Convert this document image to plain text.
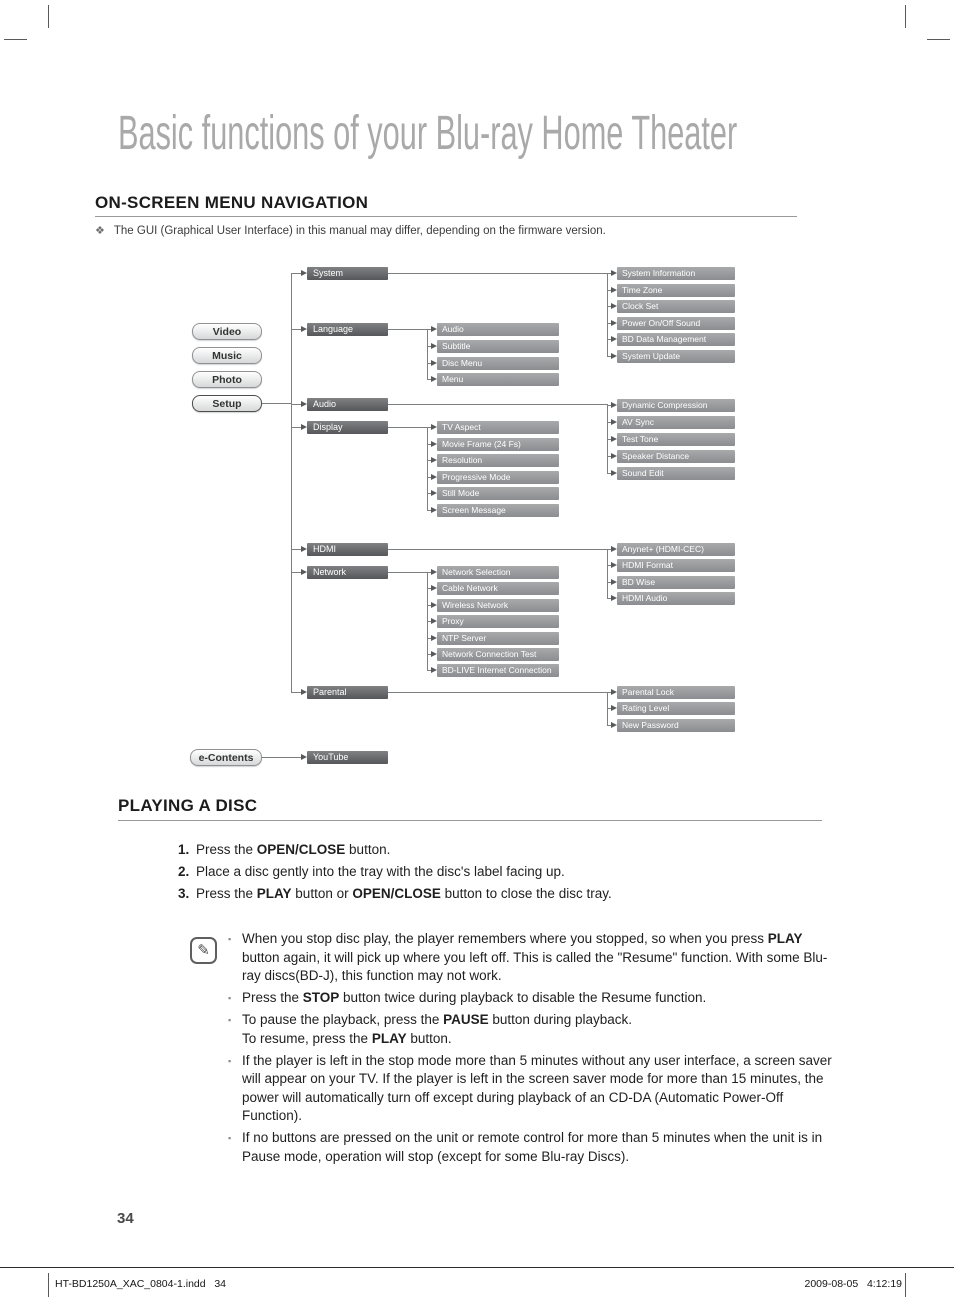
Basic functions of your Blu-ray Home Theater
ON-SCREEN MENU NAVIGATION
❖ The GUI (Graphical User Interface) in this manual may differ, depending on the firmware version.
Video
Music
Photo
Setup
e-Contents
System
Language
Audio
Display
HDMI
Network
Parental
YouTube
Audio
Subtitle
Disc Menu
Menu
TV Aspect
Movie Frame (24 Fs)
Resolution
Progressive Mode
Still Mode
Screen Message
Network Selection
Cable Network
Wireless Network
Proxy
NTP Server
Network Connection Test
BD-LIVE Internet Connection
System Information
Time Zone
Clock Set
Power On/Off Sound
BD Data Management
System Update
Dynamic Compression
AV Sync
Test Tone
Speaker Distance
Sound Edit
Anynet+ (HDMI-CEC)
HDMI Format
BD Wise
HDMI Audio
Parental Lock
Rating Level
New Password
PLAYING A DISC
1. Press the OPEN/CLOSE button.
2. Place a disc gently into the tray with the disc's label facing up.
3. Press the PLAY button or OPEN/CLOSE button to close the disc tray.
✎
▪ When you stop disc play, the player remembers where you stopped, so when you press PLAY button again, it will pick up where you left off. This is called the "Resume" function. With some Blu-ray discs(BD-J), this function may not work.
▪ Press the STOP button twice during playback to disable the Resume function.
▪ To pause the playback, press the PAUSE button during playback.
To resume, press the PLAY button.
▪ If the player is left in the stop mode more than 5 minutes without any user interface, a screen saver will appear on your TV. If the player is left in the screen saver mode for more than 15 minutes, the power will automatically turn off except during playback of an CD-DA (Automatic Power-Off Function).
▪ If no buttons are pressed on the unit or remote control for more than 5 minutes when the unit is in Pause mode, operation will stop (except for some Blu-ray Discs).
34
HT-BD1250A_XAC_0804-1.indd   34	2009-08-05   4:12:19
